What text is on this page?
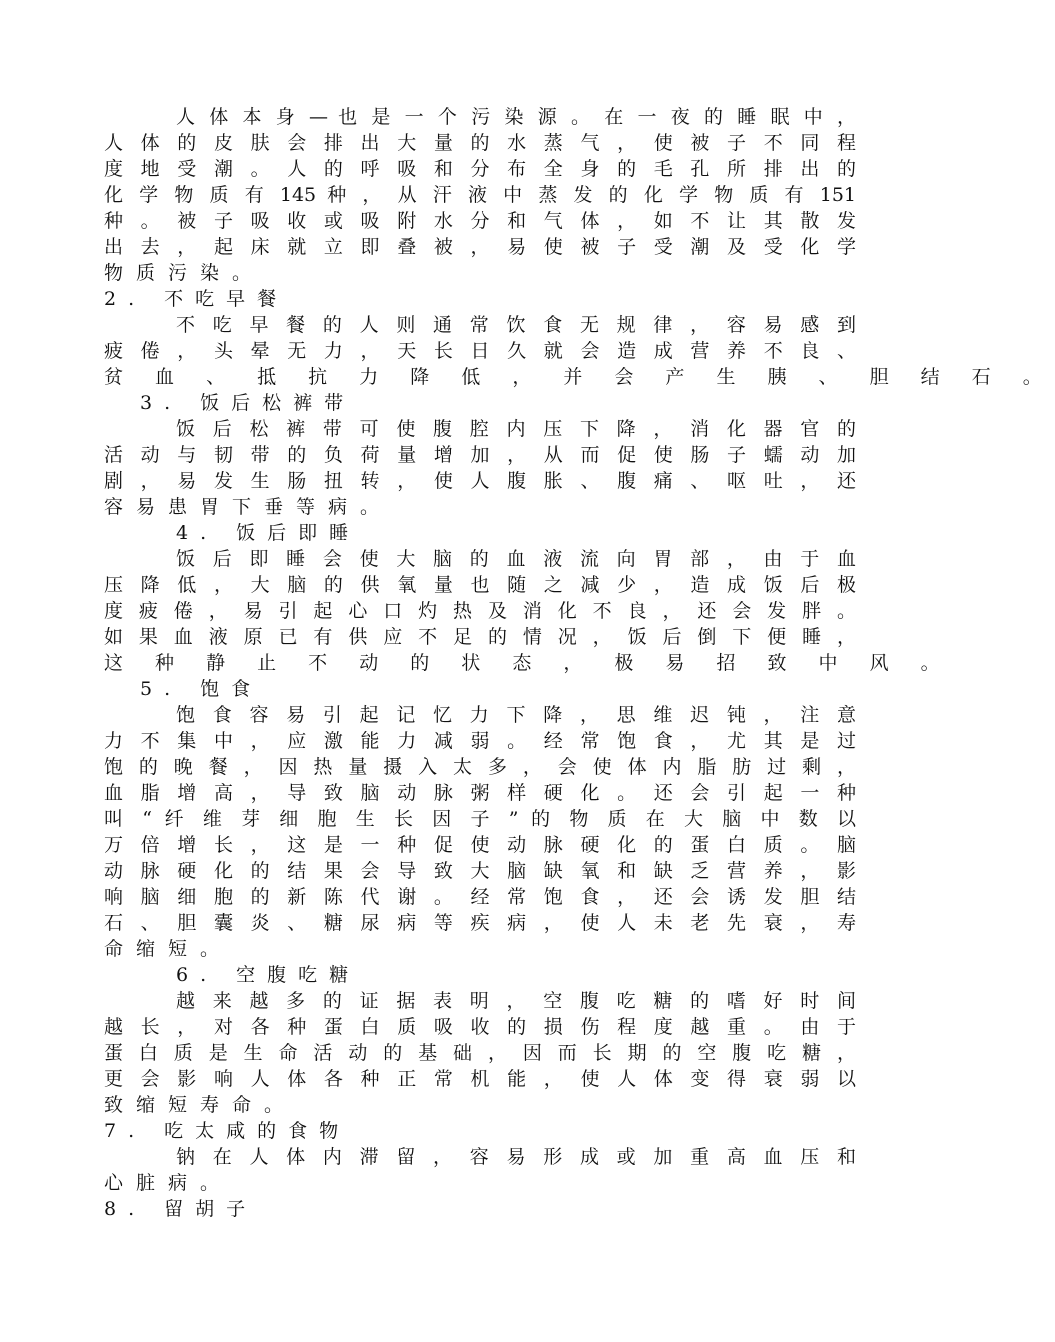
人 体 本 身 — 也 是 一 个 污 染 源 。 在 一 夜 的 睡 眠 中 ，
人 体 的 皮 肤 会 排 出 大 量 的 水 蒸 气 ， 使 被 子 不 同 程
度 地 受 潮 。 人 的 呼 吸 和 分 布 全 身 的 毛 孔 所 排 出 的
化 学 物 质 有 145 种 ， 从 汗 液 中 蒸 发 的 化 学 物 质 有 151
种 。 被 子 吸 收 或 吸 附 水 分 和 气 体 ， 如 不 让 其 散 发
出 去 ， 起 床 就 立 即 叠 被 ， 易 使 被 子 受 潮 及 受 化 学
物质污染。
2. 不吃早餐
不 吃 早 餐 的 人 则 通 常 饮 食 无 规 律 ， 容 易 感 到
疲 倦 ， 头 晕 无 力 ， 天 长 日 久 就 会 造 成 营 养 不 良 、
贫 血 、 抵 抗 力 降 低 ， 并 会 产 生 胰 、 胆 结 石 。
3. 饭后松裤带
饭 后 松 裤 带 可 使 腹 腔 内 压 下 降 ， 消 化 器 官 的
活 动 与 韧 带 的 负 荷 量 增 加 ， 从 而 促 使 肠 子 蠕 动 加
剧 ， 易 发 生 肠 扭 转 ， 使 人 腹 胀 、 腹 痛 、 呕 吐 ， 还
容易患胃下垂等病。
4. 饭后即睡
饭 后 即 睡 会 使 大 脑 的 血 液 流 向 胃 部 ， 由 于 血
压 降 低 ， 大 脑 的 供 氧 量 也 随 之 减 少 ， 造 成 饭 后 极
度 疲 倦 ， 易 引 起 心 口 灼 热 及 消 化 不 良 ， 还 会 发 胖 。
如 果 血 液 原 已 有 供 应 不 足 的 情 况 ， 饭 后 倒 下 便 睡 ，
这 种 静 止 不 动 的 状 态 ， 极 易 招 致 中 风 。
5. 饱食
饱 食 容 易 引 起 记 忆 力 下 降 ， 思 维 迟 钝 ， 注 意
力 不 集 中 ， 应 激 能 力 减 弱 。 经 常 饱 食 ， 尤 其 是 过
饱 的 晚 餐 ， 因 热 量 摄 入 太 多 ， 会 使 体 内 脂 肪 过 剩 ，
血 脂 增 高 ， 导 致 脑 动 脉 粥 样 硬 化 。 还 会 引 起 一 种
叫 “ 纤 维 芽 细 胞 生 长 因 子 ” 的 物 质 在 大 脑 中 数 以
万 倍 增 长 ， 这 是 一 种 促 使 动 脉 硬 化 的 蛋 白 质 。 脑
动 脉 硬 化 的 结 果 会 导 致 大 脑 缺 氧 和 缺 乏 营 养 ， 影
响 脑 细 胞 的 新 陈 代 谢 。 经 常 饱 食 ， 还 会 诱 发 胆 结
石 、 胆 囊 炎 、 糖 尿 病 等 疾 病 ， 使 人 未 老 先 衰 ， 寿
命缩短。
6. 空腹吃糖
越 来 越 多 的 证 据 表 明 ， 空 腹 吃 糖 的 嗜 好 时 间
越 长 ， 对 各 种 蛋 白 质 吸 收 的 损 伤 程 度 越 重 。 由 于
蛋 白 质 是 生 命 活 动 的 基 础 ， 因 而 长 期 的 空 腹 吃 糖 ，
更 会 影 响 人 体 各 种 正 常 机 能 ， 使 人 体 变 得 衰 弱 以
致缩短寿命。
7. 吃太咸的食物
钠 在 人 体 内 滞 留 ， 容 易 形 成 或 加 重 高 血 压 和
心脏病。
8. 留胡子
